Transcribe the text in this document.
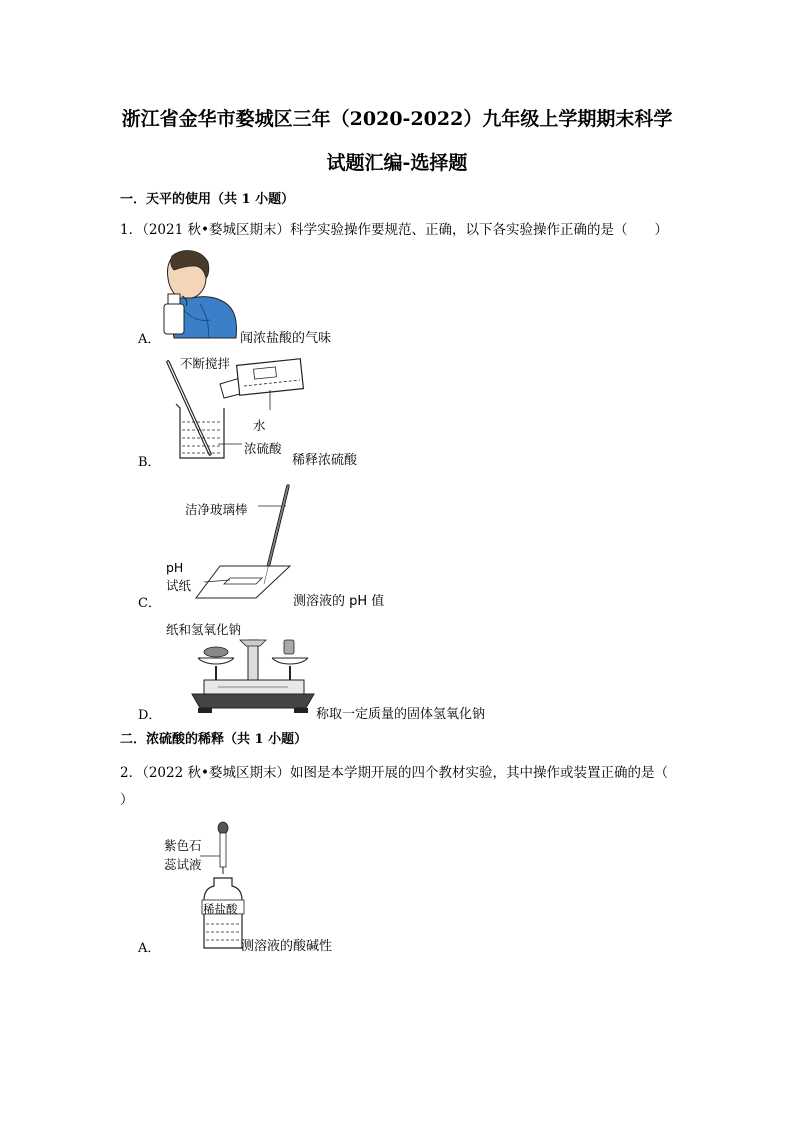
浙江省金华市婺城区三年（2020-2022）九年级上学期期末科学
试题汇编-选择题
一．天平的使用（共 1 小题）
1．（2021 秋•婺城区期末）科学实验操作要规范、正确，以下各实验操作正确的是（　　）
A．	闻浓盐酸的气味
不断搅拌
水
浓硫酸
B．	稀释浓硫酸
洁净玻璃棒
pH
试纸
C．	测溶液的 pH 值
纸和氢氧化钠
D．	称取一定质量的固体氢氧化钠
二．浓硫酸的稀释（共 1 小题）
2．（2022 秋•婺城区期末）如图是本学期开展的四个教材实验，其中操作或装置正确的是（
）
紫色石
蕊试液
稀盐酸
A．	测溶液的酸碱性
